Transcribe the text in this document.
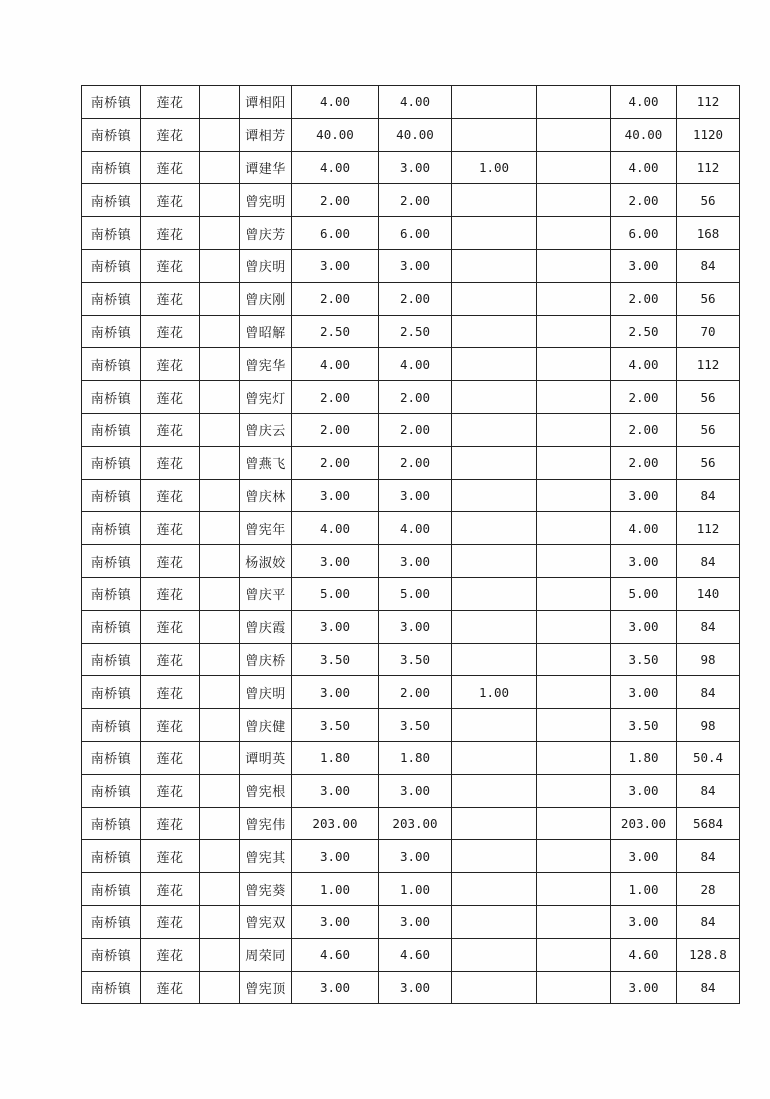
南桥镇	莲花		谭相阳	4.00	4.00			4.00	112
南桥镇	莲花		谭相芳	40.00	40.00			40.00	1120
南桥镇	莲花		谭建华	4.00	3.00	1.00		4.00	112
南桥镇	莲花		曾宪明	2.00	2.00			2.00	56
南桥镇	莲花		曾庆芳	6.00	6.00			6.00	168
南桥镇	莲花		曾庆明	3.00	3.00			3.00	84
南桥镇	莲花		曾庆刚	2.00	2.00			2.00	56
南桥镇	莲花		曾昭解	2.50	2.50			2.50	70
南桥镇	莲花		曾宪华	4.00	4.00			4.00	112
南桥镇	莲花		曾宪灯	2.00	2.00			2.00	56
南桥镇	莲花		曾庆云	2.00	2.00			2.00	56
南桥镇	莲花		曾燕飞	2.00	2.00			2.00	56
南桥镇	莲花		曾庆林	3.00	3.00			3.00	84
南桥镇	莲花		曾宪年	4.00	4.00			4.00	112
南桥镇	莲花		杨淑姣	3.00	3.00			3.00	84
南桥镇	莲花		曾庆平	5.00	5.00			5.00	140
南桥镇	莲花		曾庆霞	3.00	3.00			3.00	84
南桥镇	莲花		曾庆桥	3.50	3.50			3.50	98
南桥镇	莲花		曾庆明	3.00	2.00	1.00		3.00	84
南桥镇	莲花		曾庆健	3.50	3.50			3.50	98
南桥镇	莲花		谭明英	1.80	1.80			1.80	50.4
南桥镇	莲花		曾宪根	3.00	3.00			3.00	84
南桥镇	莲花		曾宪伟	203.00	203.00			203.00	5684
南桥镇	莲花		曾宪其	3.00	3.00			3.00	84
南桥镇	莲花		曾宪葵	1.00	1.00			1.00	28
南桥镇	莲花		曾宪双	3.00	3.00			3.00	84
南桥镇	莲花		周荣同	4.60	4.60			4.60	128.8
南桥镇	莲花		曾宪顶	3.00	3.00			3.00	84
